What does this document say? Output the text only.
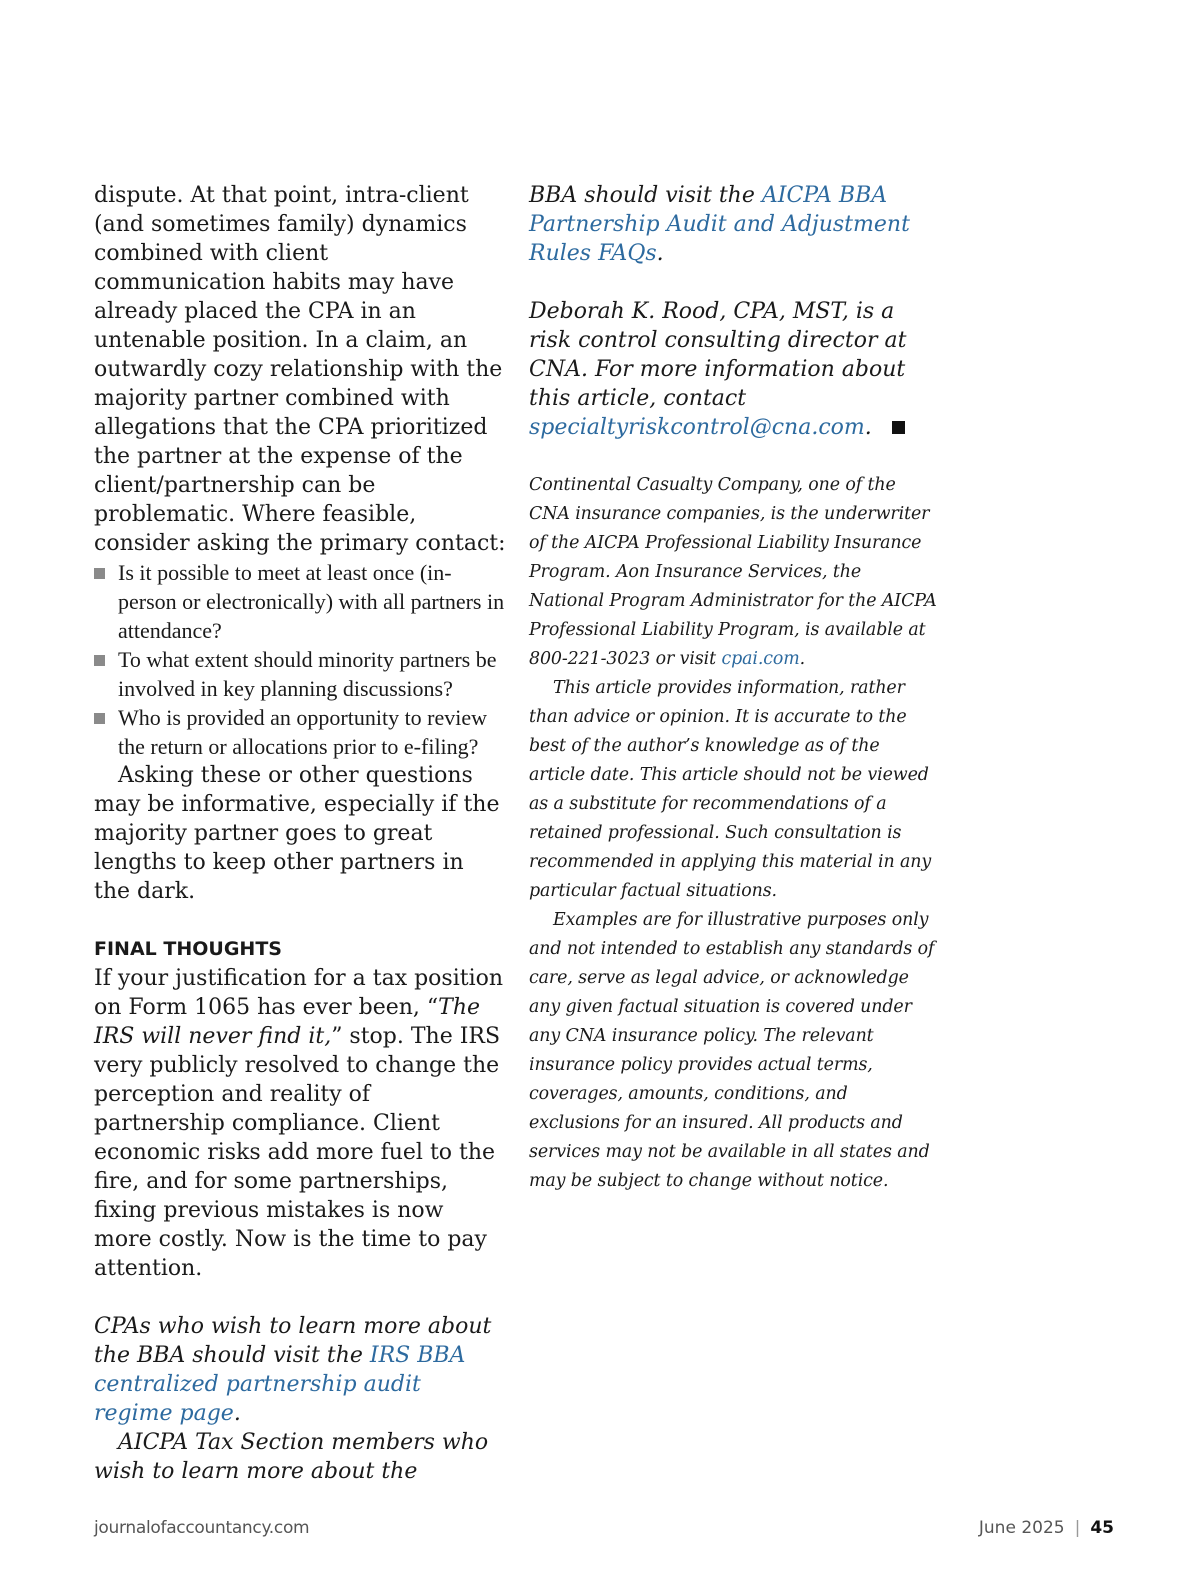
dispute. At that point, intra-client (and sometimes family) dynamics combined with client communication habits may have already placed the CPA in an untenable position. In a claim, an outwardly cozy relationship with the majority partner combined with allegations that the CPA prioritized the partner at the expense of the client/partnership can be problematic. Where feasible, consider asking the primary contact:

Is it possible to meet at least once (in-person or electronically) with all partners in attendance?
To what extent should minority partners be involved in key planning discussions?
Who is provided an opportunity to review the return or allocations prior to e-filing?

Asking these or other questions may be informative, especially if the majority partner goes to great lengths to keep other partners in the dark.

FINAL THOUGHTS

If your justification for a tax position on Form 1065 has ever been, “The IRS will never find it,” stop. The IRS very publicly resolved to change the perception and reality of partnership compliance. Client economic risks add more fuel to the fire, and for some partnerships, fixing previous mistakes is now more costly. Now is the time to pay attention.

CPAs who wish to learn more about the BBA should visit the IRS BBA centralized partnership audit regime page.

AICPA Tax Section members who wish to learn more about the

BBA should visit the AICPA BBA Partnership Audit and Adjustment Rules FAQs.

Deborah K. Rood, CPA, MST, is a risk control consulting director at CNA. For more information about this article, contact specialtyriskcontrol@cna.com.

Continental Casualty Company, one of the CNA insurance companies, is the underwriter of the AICPA Professional Liability Insurance Program. Aon Insurance Services, the National Program Administrator for the AICPA Professional Liability Program, is available at 800-221-3023 or visit cpai.com.

This article provides information, rather than advice or opinion. It is accurate to the best of the author’s knowledge as of the article date. This article should not be viewed as a substitute for recommendations of a retained professional. Such consultation is recommended in applying this material in any particular factual situations.

Examples are for illustrative purposes only and not intended to establish any standards of care, serve as legal advice, or acknowledge any given factual situation is covered under any CNA insurance policy. The relevant insurance policy provides actual terms, coverages, amounts, conditions, and exclusions for an insured. All products and services may not be available in all states and may be subject to change without notice.

journalofaccountancy.com	June 2025 | 45
